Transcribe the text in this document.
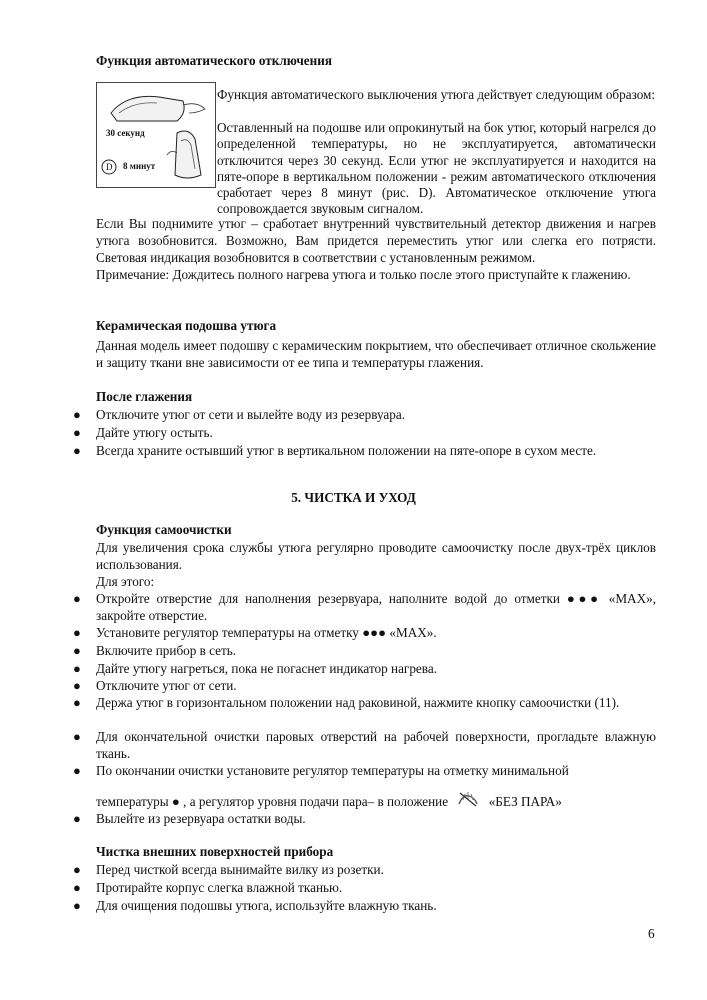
Функция автоматического отключения
30 секунд
8 минут
D
Функция автоматического выключения утюга действует следующим образом:
Оставленный на подошве или опрокинутый на бок утюг, который нагрелся до определенной температуры, но не эксплуатируется, автоматически отключится через 30 секунд. Если утюг не эксплуатируется и находится на пяте-опоре в вертикальном положении - режим автоматического отключения сработает через 8 минут (рис. D). Автоматическое отключение утюга сопровождается звуковым сигналом.
Если Вы поднимите утюг – сработает внутренний чувствительный детектор движения и нагрев утюга возобновится. Возможно, Вам придется переместить утюг или слегка его потрясти. Световая индикация возобновится в соответствии с установленным режимом.
Примечание: Дождитесь полного нагрева утюга и только после этого приступайте к глажению.
Керамическая подошва утюга
Данная модель имеет подошву с керамическим покрытием, что обеспечивает отличное скольжение и защиту ткани вне зависимости от ее типа и температуры глажения.
После глажения
● Отключите утюг от сети и вылейте воду из резервуара.
● Дайте утюгу остыть.
● Всегда храните остывший утюг в вертикальном положении на пяте-опоре в сухом месте.
5. ЧИСТКА И УХОД
Функция самоочистки
Для увеличения срока службы утюга регулярно проводите самоочистку после двух-трёх циклов использования.
Для этого:
● Откройте отверстие для наполнения резервуара, наполните водой до отметки ●●● «MAX», закройте отверстие.
● Установите регулятор температуры на отметку ●●● «MAX».
● Включите прибор в сеть.
● Дайте утюгу нагреться, пока не погаснет индикатор нагрева.
● Отключите утюг от сети.
● Держа утюг в горизонтальном положении над раковиной, нажмите кнопку самоочистки (11).
● Для окончательной очистки паровых отверстий на рабочей поверхности, прогладьте влажную ткань.
● По окончании очистки установите регулятор температуры на отметку минимальной
температуры ● , а регулятор уровня подачи пара– в положение	«БЕЗ ПАРА»
● Вылейте из резервуара остатки воды.
Чистка внешних поверхностей прибора
● Перед чисткой всегда вынимайте вилку из розетки.
● Протирайте корпус слегка влажной тканью.
● Для очищения подошвы утюга, используйте влажную ткань.
6
